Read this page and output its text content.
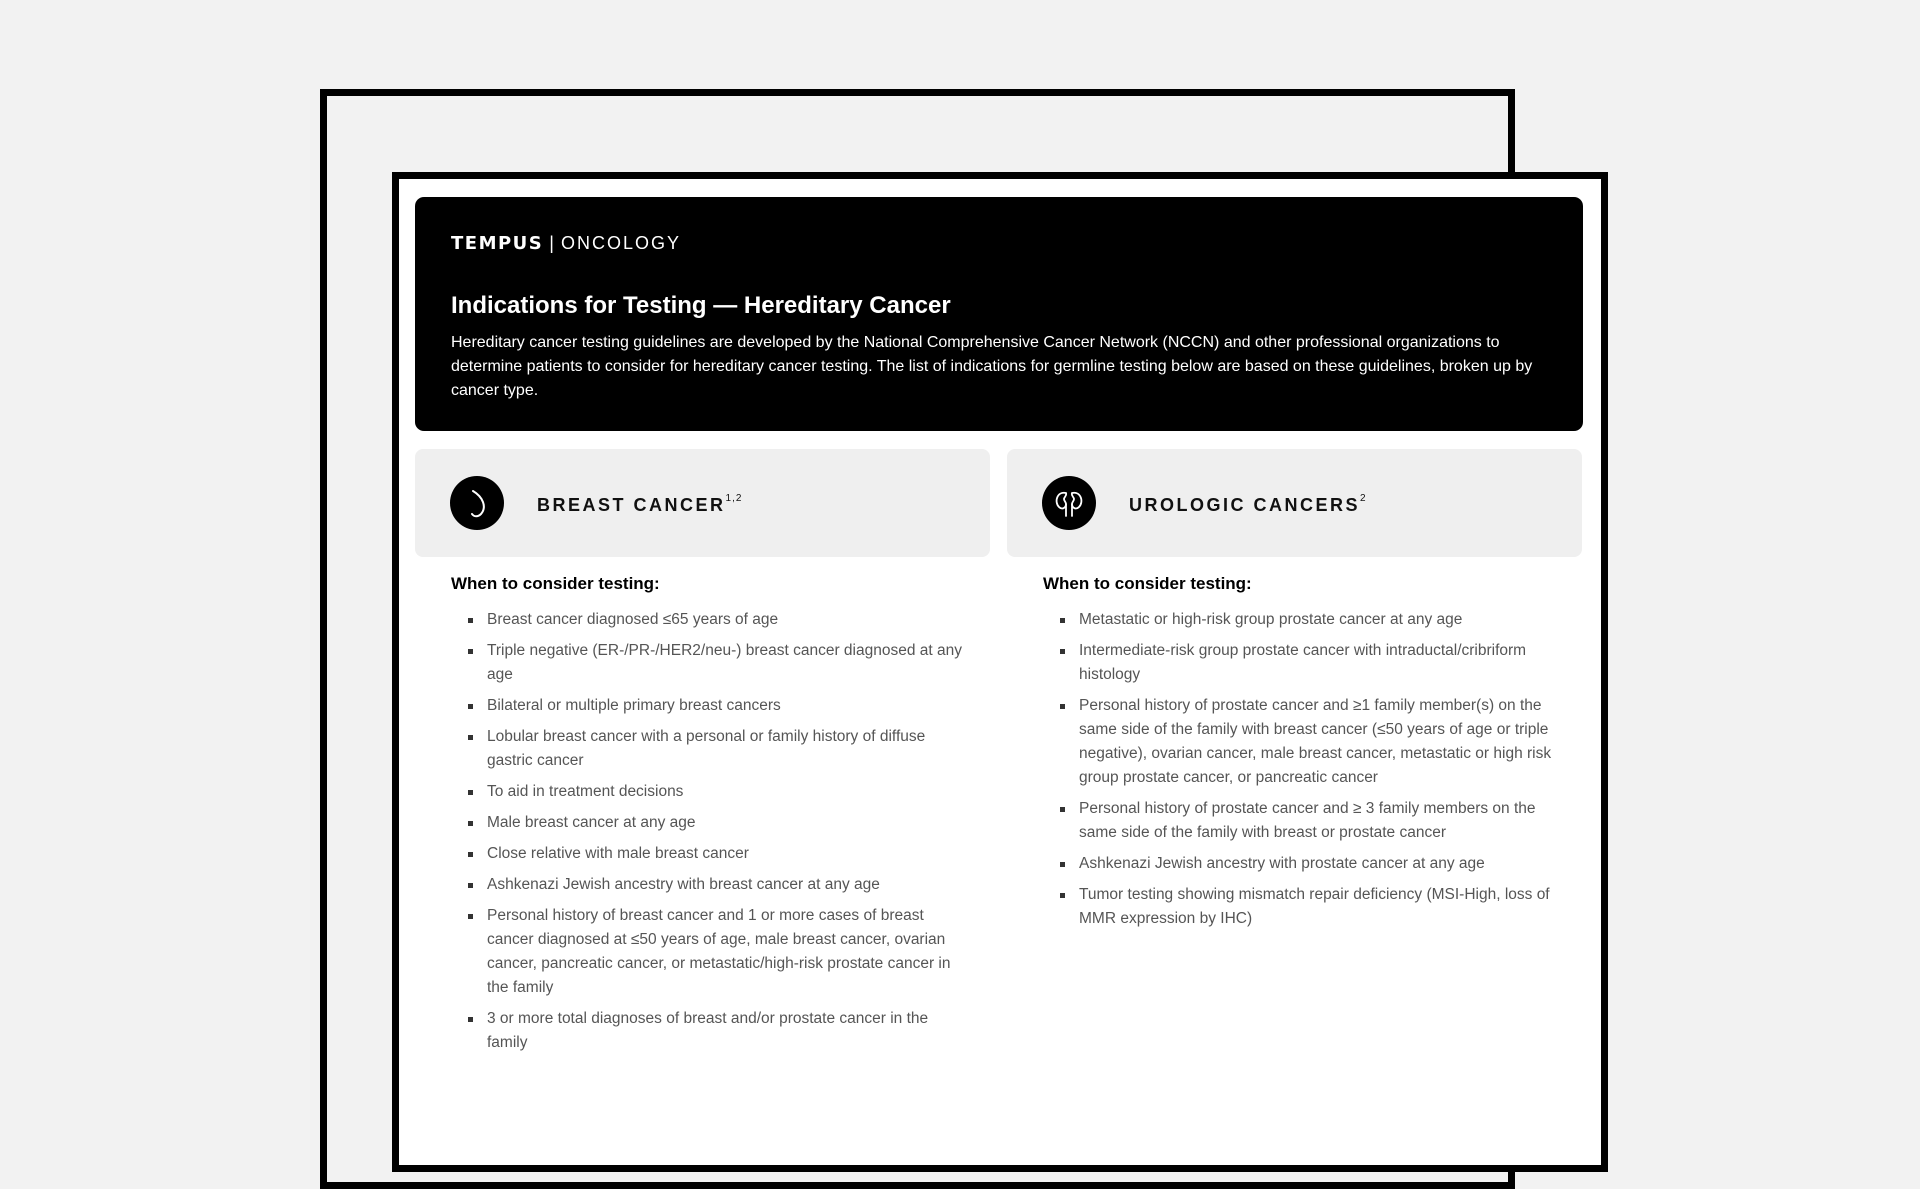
TEMPUS | ONCOLOGY
Indications for Testing — Hereditary Cancer

Hereditary cancer testing guidelines are developed by the National Comprehensive Cancer Network (NCCN) and other professional organizations to determine patients to consider for hereditary cancer testing. The list of indications for germline testing below are based on these guidelines, broken up by cancer type.

BREAST CANCER$^{1,2}$	UROLOGIC CANCERS$^2$
When to consider testing:
Breast cancer diagnosed ≤65 years of age
Triple negative (ER-/PR-/HER2/neu-) breast cancer diagnosed at any age
Bilateral or multiple primary breast cancers
Lobular breast cancer with a personal or family history of diffuse gastric cancer
To aid in treatment decisions
Male breast cancer at any age
Close relative with male breast cancer
Ashkenazi Jewish ancestry with breast cancer at any age
Personal history of breast cancer and 1 or more cases of breast cancer diagnosed at ≤50 years of age, male breast cancer, ovarian cancer, pancreatic cancer, or metastatic/high-risk prostate cancer in the family
3 or more total diagnoses of breast and/or prostate cancer in the family
When to consider testing:
Metastatic or high-risk group prostate cancer at any age
Intermediate-risk group prostate cancer with intraductal/cribriform histology
Personal history of prostate cancer and ≥1 family member(s) on the same side of the family with breast cancer (≤50 years of age or triple negative), ovarian cancer, male breast cancer, metastatic or high risk group prostate cancer, or pancreatic cancer
Personal history of prostate cancer and ≥ 3 family members on the same side of the family with breast or prostate cancer
Ashkenazi Jewish ancestry with prostate cancer at any age
Tumor testing showing mismatch repair deficiency (MSI-High, loss of MMR expression by IHC)
